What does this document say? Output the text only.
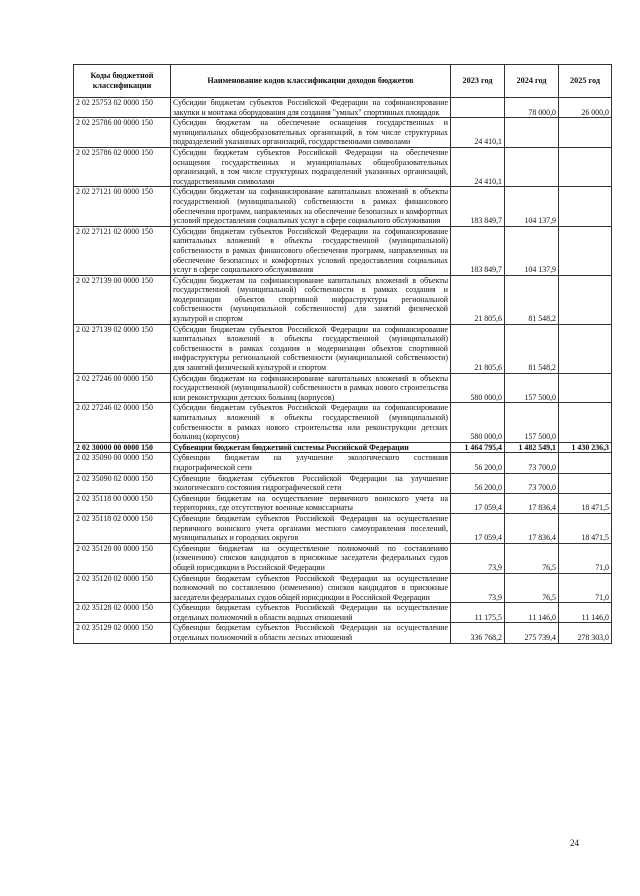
Коды бюджетной классификации	Наименование кодов классификации доходов бюджетов	2023 год	2024 год	2025 год
2 02 25753 02 0000 150	Субсидии бюджетам субъектов Российской Федерации на софинансирование закупки и монтажа оборудования для создания "умных" спортивных площадок		78 000,0	26 000,0
2 02 25786 00 0000 150	Субсидии бюджетам на обеспечение оснащения государственных и муниципальных общеобразовательных организаций, в том числе структурных подразделений указанных организаций, государственными символами	24 410,1		
2 02 25786 02 0000 150	Субсидии бюджетам субъектов Российской Федерации на обеспечение оснащения государственных и муниципальных общеобразовательных организаций, в том числе структурных подразделений указанных организаций, государственными символами	24 410,1		
2 02 27121 00 0000 150	Субсидии бюджетам на софинансирование капитальных вложений в объекты государственной (муниципальной) собственности в рамках финансового обеспечения программ, направленных на обеспечение безопасных и комфортных условий предоставления социальных услуг в сфере социального обслуживания	183 849,7	104 137,9	
2 02 27121 02 0000 150	Субсидии бюджетам субъектов Российской Федерации на софинансирование капитальных вложений в объекты государственной (муниципальной) собственности в рамках финансового обеспечения программ, направленных на обеспечение безопасных и комфортных условий предоставления социальных услуг в сфере социального обслуживания	183 849,7	104 137,9	
2 02 27139 00 0000 150	Субсидии бюджетам на софинансирование капитальных вложений в объекты государственной (муниципальной) собственности в рамках создания и модернизации объектов спортивной инфраструктуры региональной собственности (муниципальной собственности) для занятий физической культурой и спортом	21 805,6	81 548,2	
2 02 27139 02 0000 150	Субсидии бюджетам субъектов Российской Федерации на софинансирование капитальных вложений в объекты государственной (муниципальной) собственности в рамках создания и модернизации объектов спортивной инфраструктуры региональной собственности (муниципальной собственности) для занятий физической культурой и спортом	21 805,6	81 548,2	
2 02 27246 00 0000 150	Субсидии бюджетам на софинансирование капитальных вложений в объекты государственной (муниципальной) собственности в рамках нового строительства или реконструкции детских больниц (корпусов)	580 000,0	157 500,0	
2 02 27246 02 0000 150	Субсидии бюджетам субъектов Российской Федерации на софинансирование капитальных вложений в объекты государственной (муниципальной) собственности в рамках нового строительства или реконструкции детских больниц (корпусов)	580 000,0	157 500,0	
2 02 30000 00 0000 150	Субвенции бюджетам бюджетной системы Российской Федерации	1 464 795,4	1 482 549,1	1 430 236,3
2 02 35090 00 0000 150	Субвенции бюджетам на улучшение экологического состояния гидрографической сети	56 200,0	73 700,0	
2 02 35090 02 0000 150	Субвенции бюджетам субъектов Российской Федерации на улучшение экологического состояния гидрографической сети	56 200,0	73 700,0	
2 02 35118 00 0000 150	Субвенции бюджетам на осуществление первичного воинского учета на территориях, где отсутствуют военные комиссариаты	17 059,4	17 836,4	18 471,5
2 02 35118 02 0000 150	Субвенции бюджетам субъектов Российской Федерации на осуществление первичного воинского учета органами местного самоуправления поселений, муниципальных и городских округов	17 059,4	17 836,4	18 471,5
2 02 35120 00 0000 150	Субвенции бюджетам на осуществление полномочий по составлению (изменению) списков кандидатов в присяжные заседатели федеральных судов общей юрисдикции в Российской Федерации	73,9	76,5	71,0
2 02 35120 02 0000 150	Субвенции бюджетам субъектов Российской Федерации на осуществление полномочий по составлению (изменению) списков кандидатов в присяжные заседатели федеральных судов общей юрисдикции в Российской Федерации	73,9	76,5	71,0
2 02 35128 02 0000 150	Субвенции бюджетам субъектов Российской Федерации на осуществление отдельных полномочий в области водных отношений	11 175,5	11 146,0	11 146,0
2 02 35129 02 0000 150	Субвенции бюджетам субъектов Российской Федерации на осуществление отдельных полномочий в области лесных отношений	336 768,2	275 739,4	278 303,0
24
